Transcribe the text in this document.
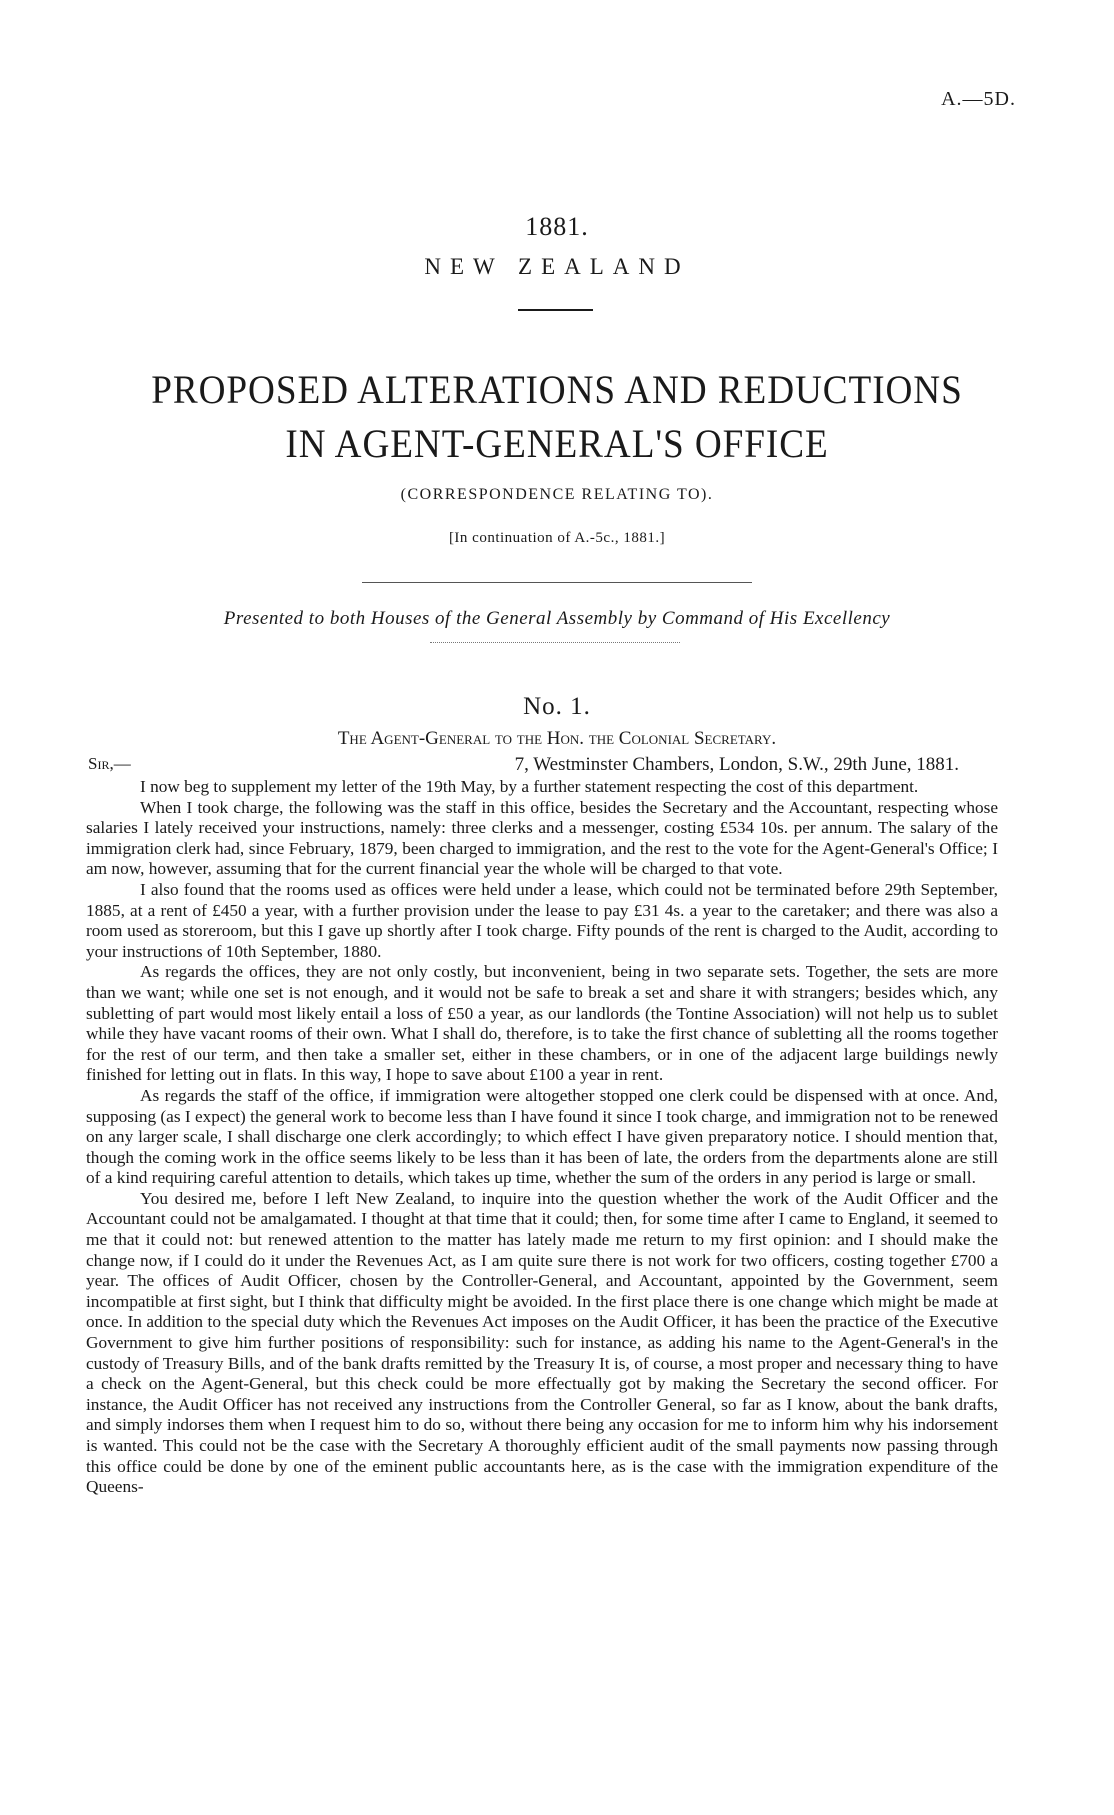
A.—5D.
1881.
NEW ZEALAND
PROPOSED ALTERATIONS AND REDUCTIONS
IN AGENT-GENERAL'S OFFICE
(CORRESPONDENCE RELATING TO).
[In continuation of A.-5c., 1881.]
Presented to both Houses of the General Assembly by Command of His Excellency
No. 1.
The Agent-General to the Hon. the Colonial Secretary.
Sir,—	7, Westminster Chambers, London, S.W., 29th June, 1881.

I now beg to supplement my letter of the 19th May, by a further statement respecting the cost of this department.

When I took charge, the following was the staff in this office, besides the Secretary and the Accountant, respecting whose salaries I lately received your instructions, namely: three clerks and a messenger, costing £534 10s. per annum. The salary of the immigration clerk had, since February, 1879, been charged to immigration, and the rest to the vote for the Agent-General's Office; I am now, however, assuming that for the current financial year the whole will be charged to that vote.

I also found that the rooms used as offices were held under a lease, which could not be terminated before 29th September, 1885, at a rent of £450 a year, with a further provision under the lease to pay £31 4s. a year to the caretaker; and there was also a room used as storeroom, but this I gave up shortly after I took charge. Fifty pounds of the rent is charged to the Audit, according to your instructions of 10th September, 1880.

As regards the offices, they are not only costly, but inconvenient, being in two separate sets. Together, the sets are more than we want; while one set is not enough, and it would not be safe to break a set and share it with strangers; besides which, any subletting of part would most likely entail a loss of £50 a year, as our landlords (the Tontine Association) will not help us to sublet while they have vacant rooms of their own. What I shall do, therefore, is to take the first chance of subletting all the rooms together for the rest of our term, and then take a smaller set, either in these chambers, or in one of the adjacent large buildings newly finished for letting out in flats. In this way, I hope to save about £100 a year in rent.

As regards the staff of the office, if immigration were altogether stopped one clerk could be dispensed with at once. And, supposing (as I expect) the general work to become less than I have found it since I took charge, and immigration not to be renewed on any larger scale, I shall discharge one clerk accordingly; to which effect I have given preparatory notice. I should mention that, though the coming work in the office seems likely to be less than it has been of late, the orders from the departments alone are still of a kind requiring careful attention to details, which takes up time, whether the sum of the orders in any period is large or small.

You desired me, before I left New Zealand, to inquire into the question whether the work of the Audit Officer and the Accountant could not be amalgamated. I thought at that time that it could; then, for some time after I came to England, it seemed to me that it could not: but renewed attention to the matter has lately made me return to my first opinion: and I should make the change now, if I could do it under the Revenues Act, as I am quite sure there is not work for two officers, costing together £700 a year. The offices of Audit Officer, chosen by the Controller-General, and Accountant, appointed by the Government, seem incompatible at first sight, but I think that difficulty might be avoided. In the first place there is one change which might be made at once. In addition to the special duty which the Revenues Act imposes on the Audit Officer, it has been the practice of the Executive Government to give him further positions of responsibility: such for instance, as adding his name to the Agent-General's in the custody of Treasury Bills, and of the bank drafts remitted by the Treasury It is, of course, a most proper and necessary thing to have a check on the Agent-General, but this check could be more effectually got by making the Secretary the second officer. For instance, the Audit Officer has not received any instructions from the Controller General, so far as I know, about the bank drafts, and simply indorses them when I request him to do so, without there being any occasion for me to inform him why his indorsement is wanted. This could not be the case with the Secretary A thoroughly efficient audit of the small payments now passing through this office could be done by one of the eminent public accountants here, as is the case with the immigration expenditure of the Queens-
